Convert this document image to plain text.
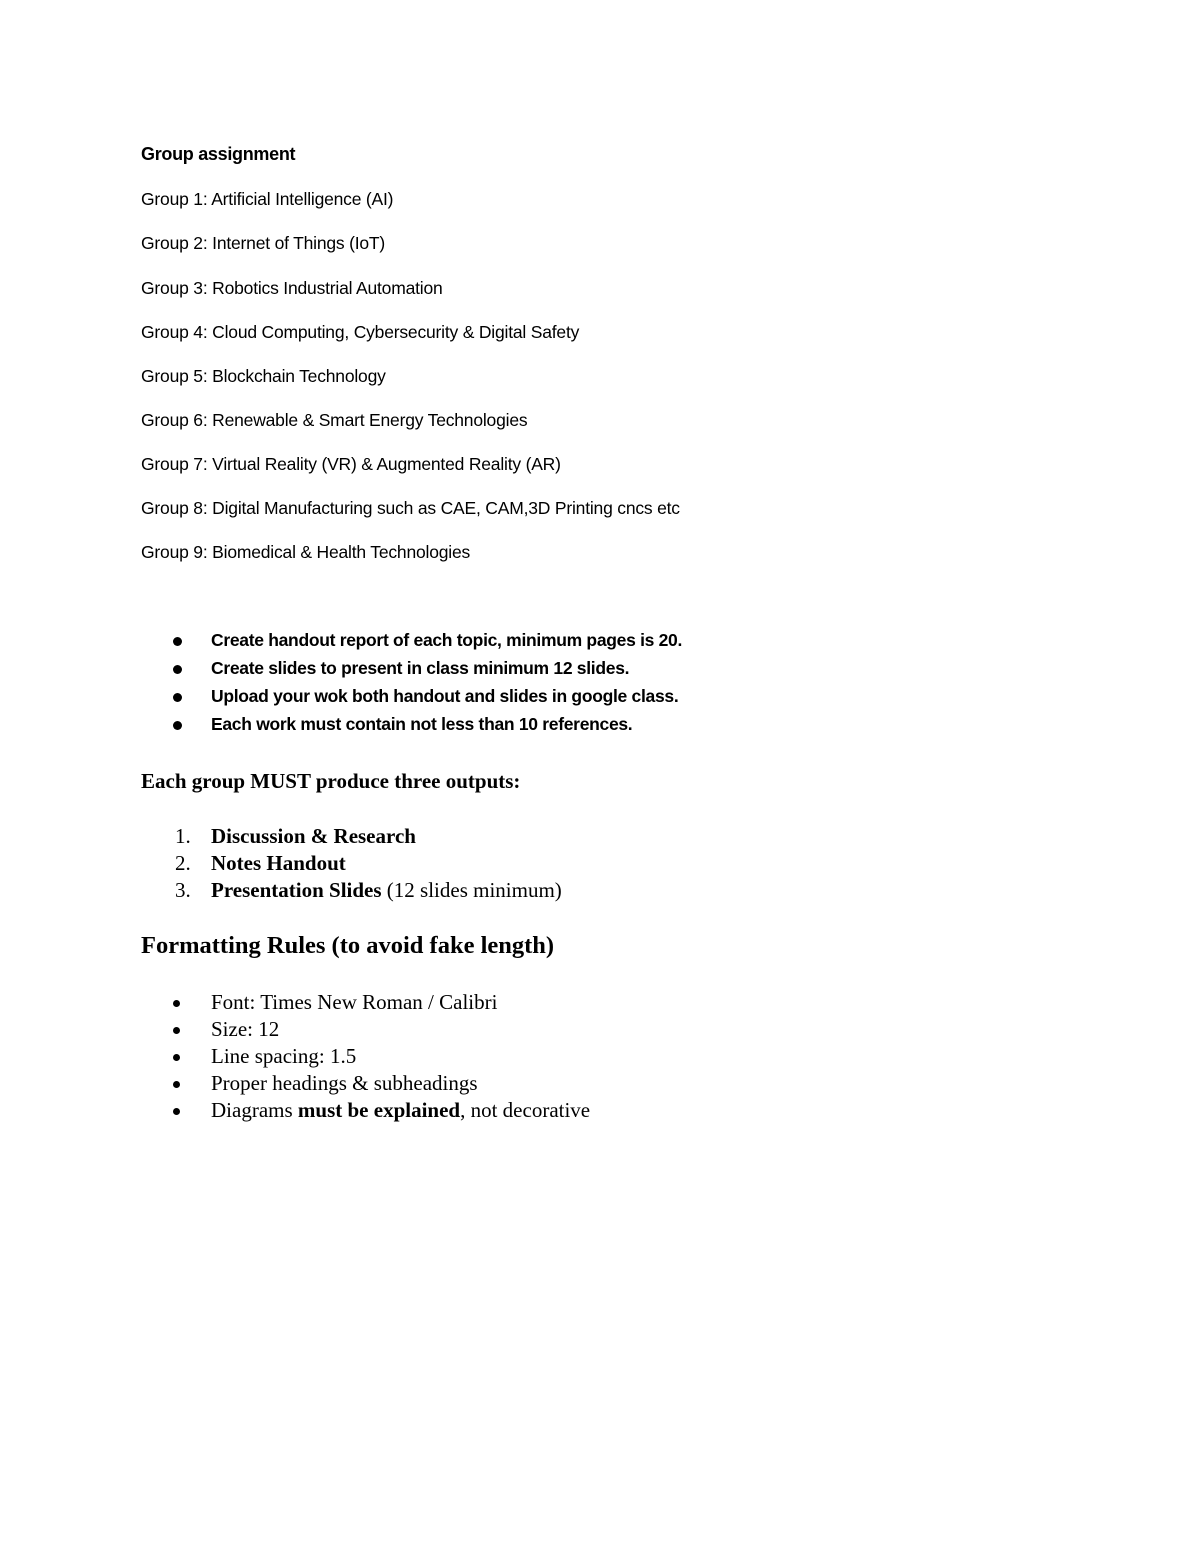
Group assignment
Group 1: Artificial Intelligence (AI)
Group 2: Internet of Things (IoT)
Group 3: Robotics Industrial Automation
Group 4: Cloud Computing, Cybersecurity & Digital Safety
Group 5: Blockchain Technology
Group 6: Renewable & Smart Energy Technologies
Group 7: Virtual Reality (VR) & Augmented Reality (AR)
Group 8: Digital Manufacturing such as CAE, CAM,3D Printing cncs etc
Group 9: Biomedical & Health Technologies
Create handout report of each topic, minimum pages is 20.
Create slides to present in class minimum 12 slides.
Upload your wok both handout and slides in google class.
Each work must contain not less than 10 references.
Each group MUST produce three outputs:
1. Discussion & Research
2. Notes Handout
3. Presentation Slides (12 slides minimum)
Formatting Rules (to avoid fake length)
Font: Times New Roman / Calibri
Size: 12
Line spacing: 1.5
Proper headings & subheadings
Diagrams must be explained, not decorative
